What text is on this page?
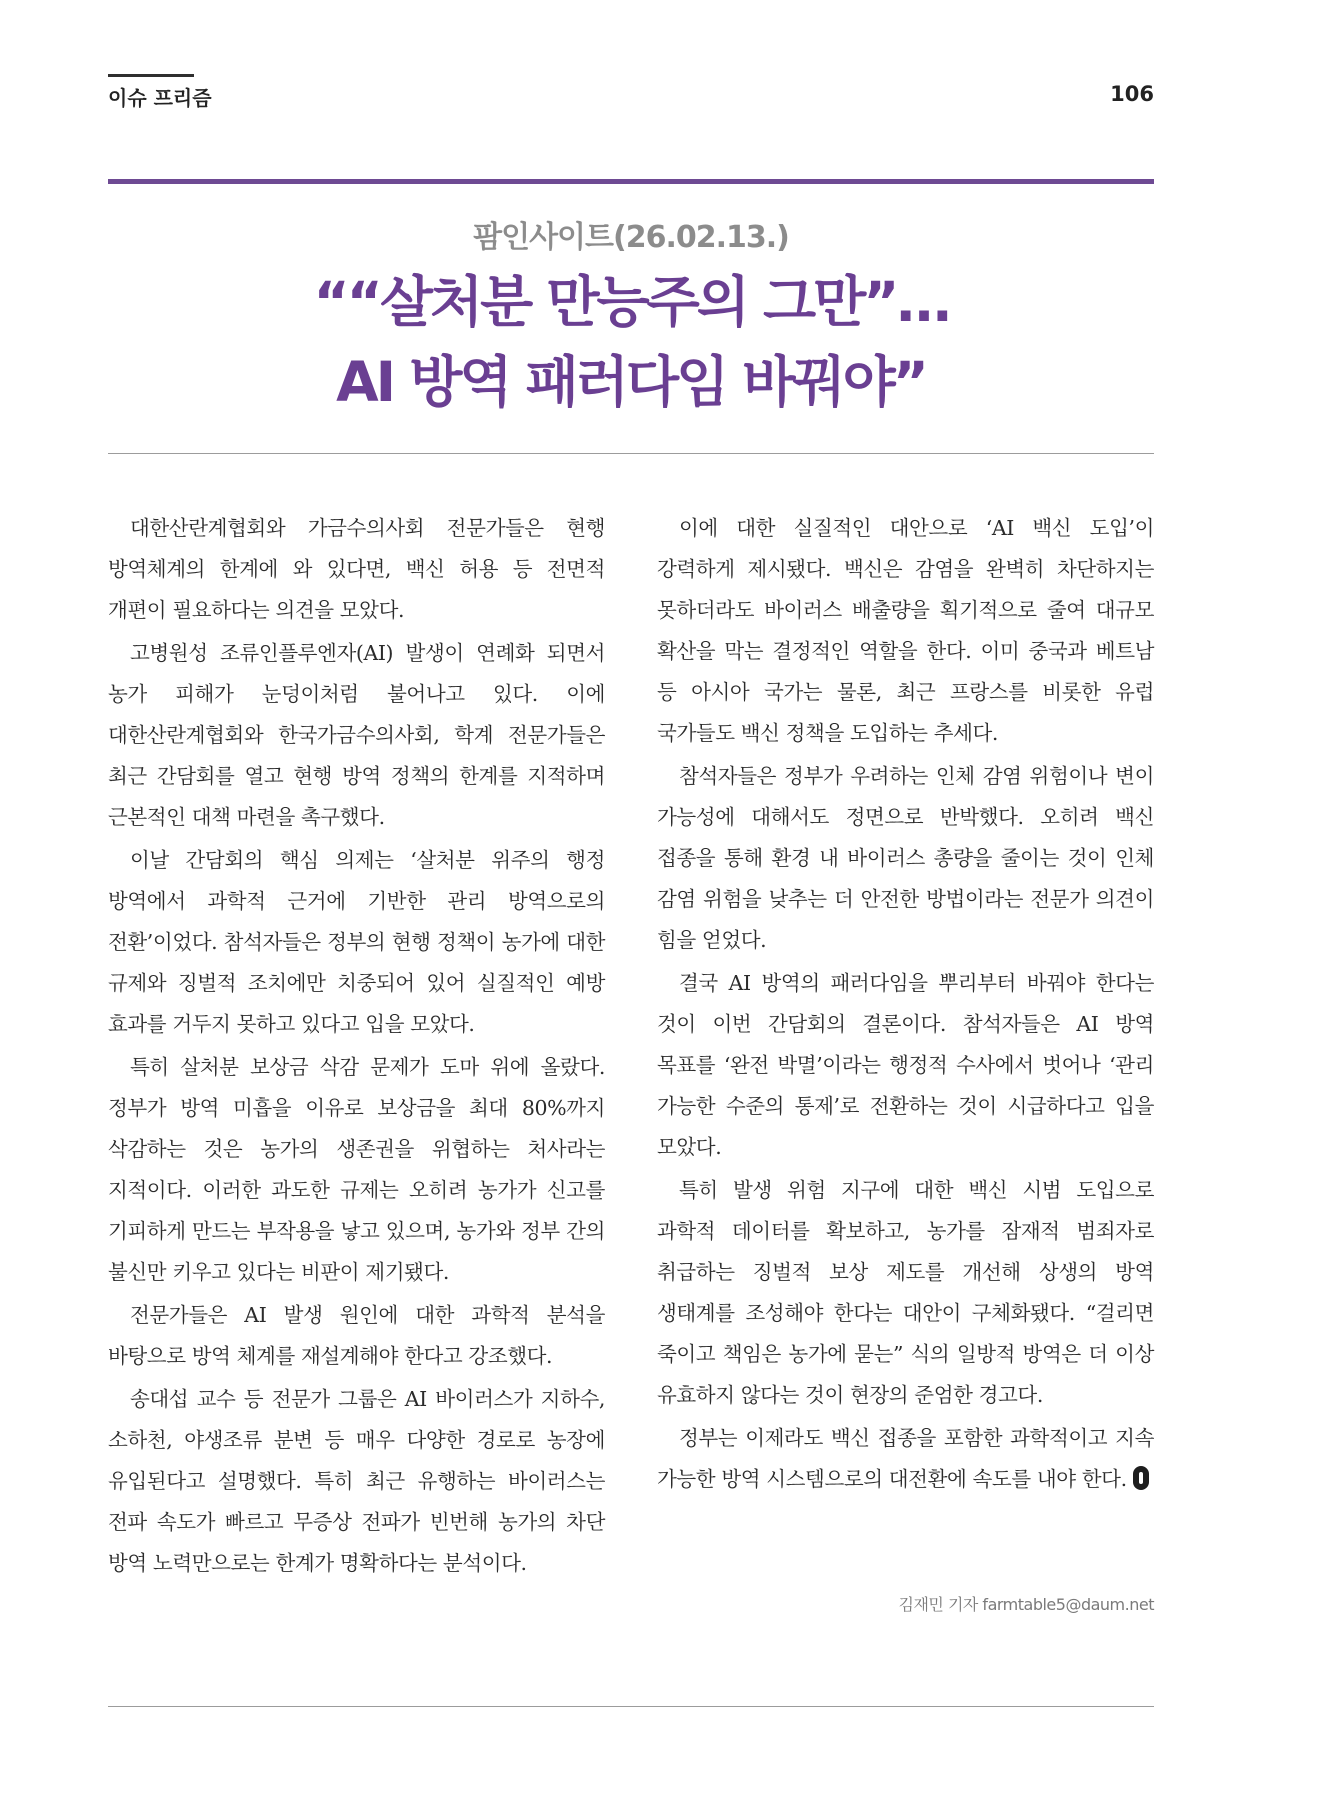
이슈 프리즘	106
팜인사이트(26.02.13.)
““살처분 만능주의 그만”…
AI 방역 패러다임 바꿔야”

대한산란계협회와 가금수의사회 전문가들은 현행 방역체계의 한계에 와 있다면, 백신 허용 등 전면적 개편이 필요하다는 의견을 모았다.

고병원성 조류인플루엔자(AI) 발생이 연례화 되면서 농가 피해가 눈덩이처럼 불어나고 있다. 이에 대한산란계협회와 한국가금수의사회, 학계 전문가들은 최근 간담회를 열고 현행 방역 정책의 한계를 지적하며 근본적인 대책 마련을 촉구했다.

이날 간담회의 핵심 의제는 ‘살처분 위주의 행정 방역에서 과학적 근거에 기반한 관리 방역으로의 전환’이었다. 참석자들은 정부의 현행 정책이 농가에 대한 규제와 징벌적 조치에만 치중되어 있어 실질적인 예방 효과를 거두지 못하고 있다고 입을 모았다.

특히 살처분 보상금 삭감 문제가 도마 위에 올랐다. 정부가 방역 미흡을 이유로 보상금을 최대 80%까지 삭감하는 것은 농가의 생존권을 위협하는 처사라는 지적이다. 이러한 과도한 규제는 오히려 농가가 신고를 기피하게 만드는 부작용을 낳고 있으며, 농가와 정부 간의 불신만 키우고 있다는 비판이 제기됐다.

전문가들은 AI 발생 원인에 대한 과학적 분석을 바탕으로 방역 체계를 재설계해야 한다고 강조했다.

송대섭 교수 등 전문가 그룹은 AI 바이러스가 지하수, 소하천, 야생조류 분변 등 매우 다양한 경로로 농장에 유입된다고 설명했다. 특히 최근 유행하는 바이러스는 전파 속도가 빠르고 무증상 전파가 빈번해 농가의 차단 방역 노력만으로는 한계가 명확하다는 분석이다.

이에 대한 실질적인 대안으로 ‘AI 백신 도입’이 강력하게 제시됐다. 백신은 감염을 완벽히 차단하지는 못하더라도 바이러스 배출량을 획기적으로 줄여 대규모 확산을 막는 결정적인 역할을 한다. 이미 중국과 베트남 등 아시아 국가는 물론, 최근 프랑스를 비롯한 유럽 국가들도 백신 정책을 도입하는 추세다.

참석자들은 정부가 우려하는 인체 감염 위험이나 변이 가능성에 대해서도 정면으로 반박했다. 오히려 백신 접종을 통해 환경 내 바이러스 총량을 줄이는 것이 인체 감염 위험을 낮추는 더 안전한 방법이라는 전문가 의견이 힘을 얻었다.

결국 AI 방역의 패러다임을 뿌리부터 바꿔야 한다는 것이 이번 간담회의 결론이다. 참석자들은 AI 방역 목표를 ‘완전 박멸’이라는 행정적 수사에서 벗어나 ‘관리 가능한 수준의 통제’로 전환하는 것이 시급하다고 입을 모았다.

특히 발생 위험 지구에 대한 백신 시범 도입으로 과학적 데이터를 확보하고, 농가를 잠재적 범죄자로 취급하는 징벌적 보상 제도를 개선해 상생의 방역 생태계를 조성해야 한다는 대안이 구체화됐다. “걸리면 죽이고 책임은 농가에 묻는” 식의 일방적 방역은 더 이상 유효하지 않다는 것이 현장의 준엄한 경고다.

정부는 이제라도 백신 접종을 포함한 과학적이고 지속 가능한 방역 시스템으로의 대전환에 속도를 내야 한다.

김재민 기자 farmtable5@daum.net
